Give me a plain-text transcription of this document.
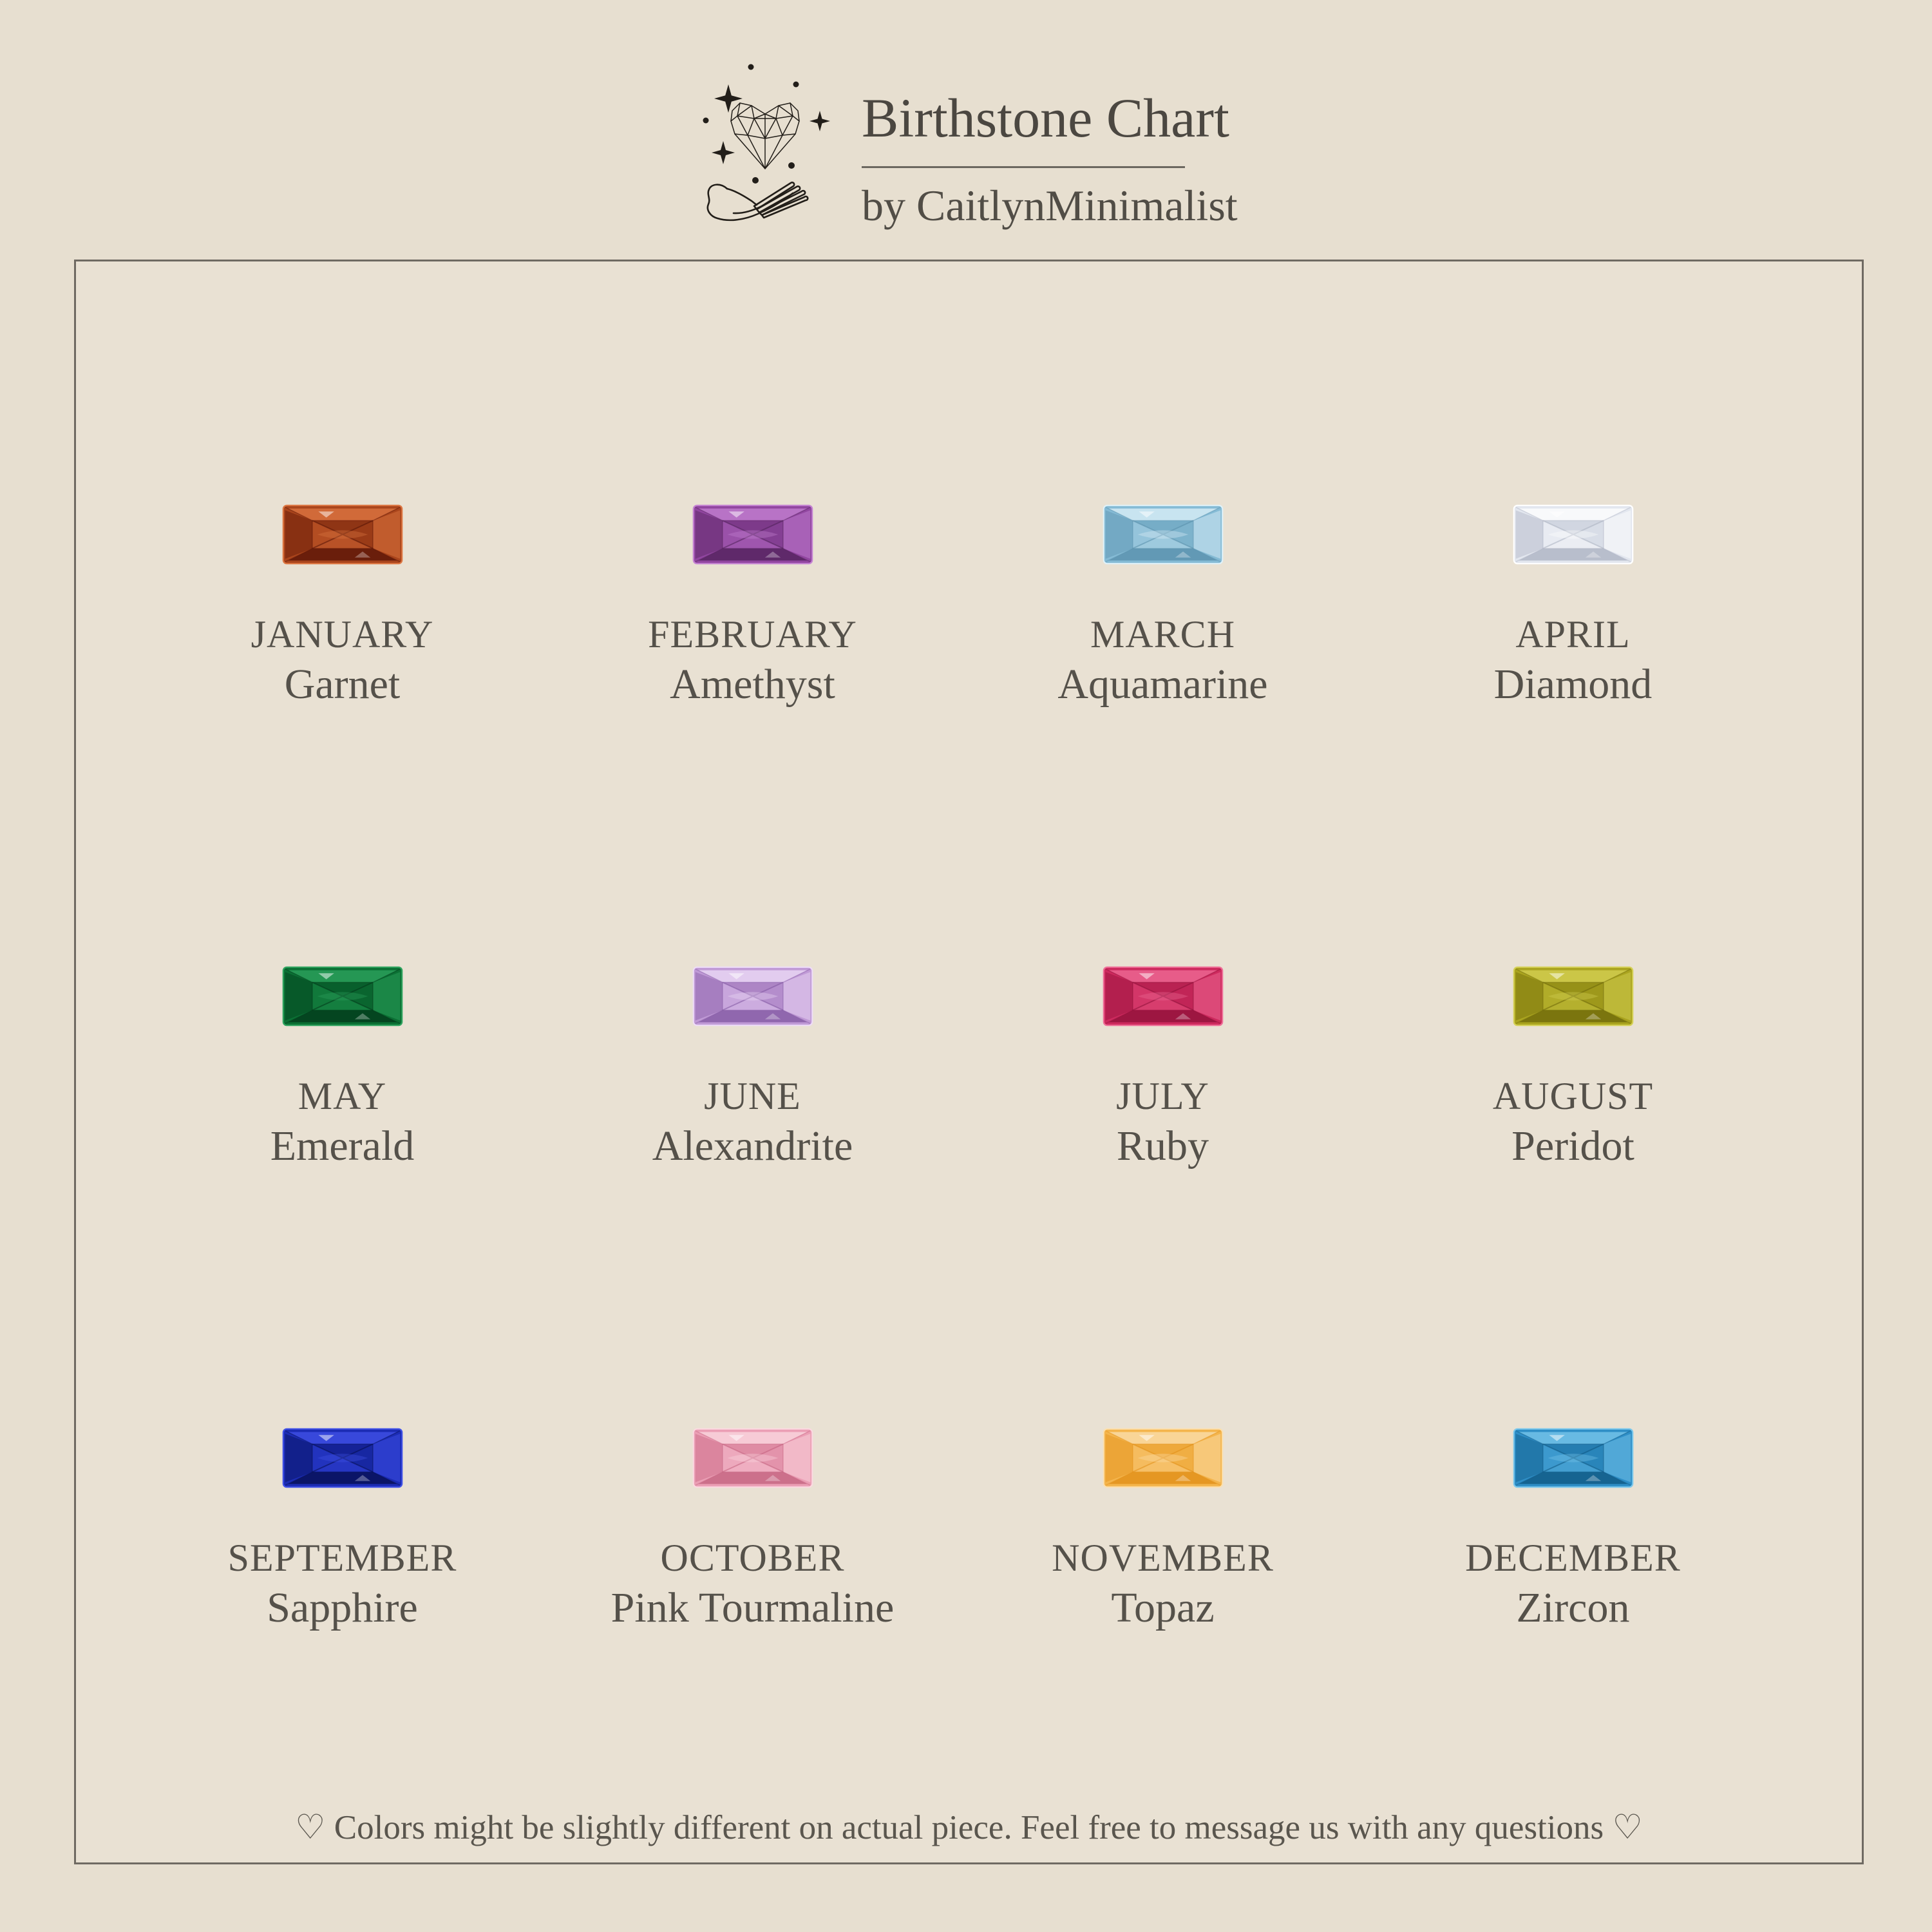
Birthstone Chart
by CaitlynMinimalist
JANUARY
Garnet
FEBRUARY
Amethyst
MARCH
Aquamarine
APRIL
Diamond
MAY
Emerald
JUNE
Alexandrite
JULY
Ruby
AUGUST
Peridot
SEPTEMBER
Sapphire
OCTOBER
Pink Tourmaline
NOVEMBER
Topaz
DECEMBER
Zircon
♡ Colors might be slightly different on actual piece. Feel free to message us with any questions ♡
